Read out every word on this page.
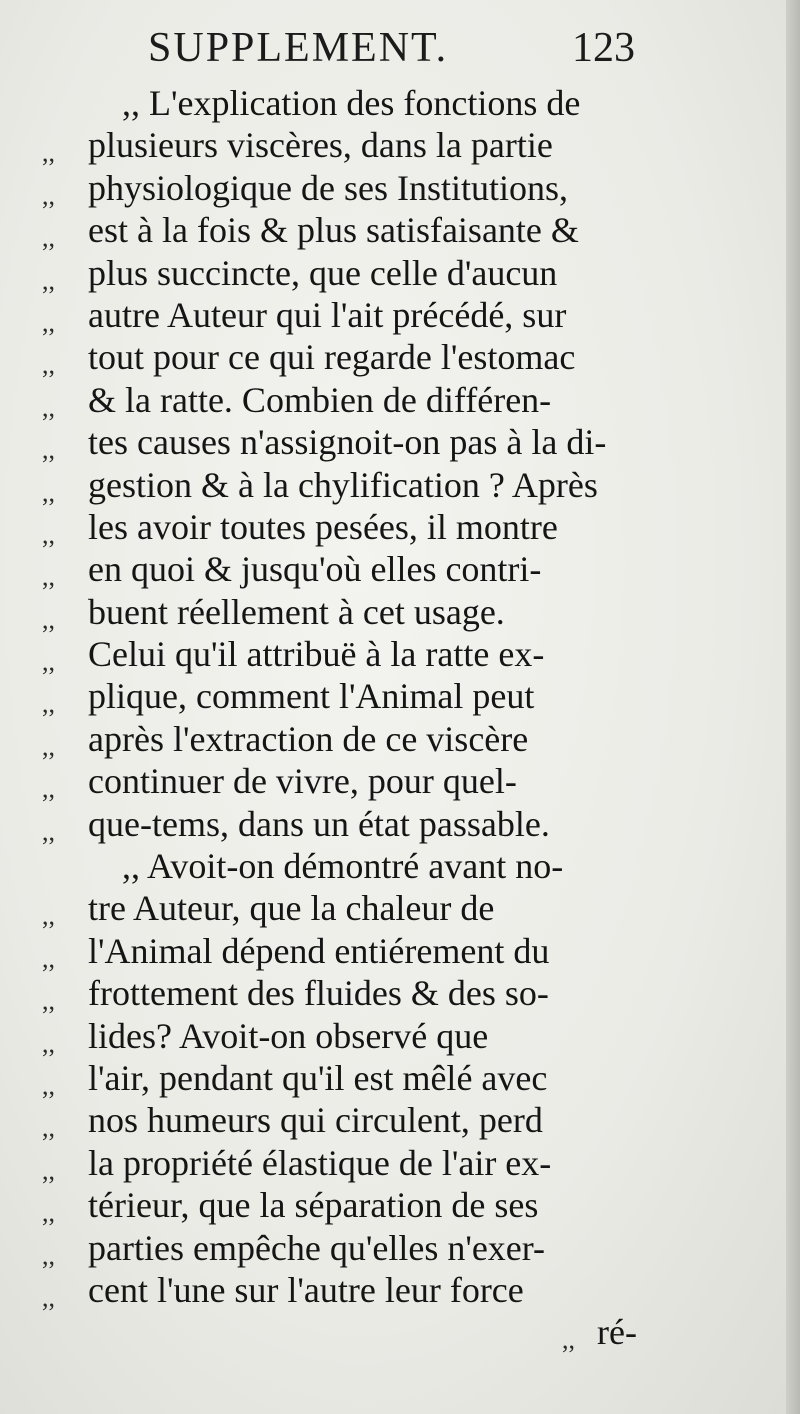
SUPPLEMENT.	123
,, L'explication des fonctions de
,, plusieurs viscères, dans la partie
,, physiologique de ses Institutions,
,, est à la fois & plus satisfaisante &
,, plus succincte, que celle d'aucun
,, autre Auteur qui l'ait précédé, sur
,, tout pour ce qui regarde l'estomac
,, & la ratte. Combien de différen-
,, tes causes n'assignoit-on pas à la di-
,, gestion & à la chylification ? Après
,, les avoir toutes pesées, il montre
,, en quoi & jusqu'où elles contri-
,, buent réellement à cet usage.
,, Celui qu'il attribuë à la ratte ex-
,, plique, comment l'Animal peut
,, après l'extraction de ce viscère
,, continuer de vivre, pour quel-
,, que-tems, dans un état passable.
,, Avoit-on démontré avant no-
,, tre Auteur, que la chaleur de
,, l'Animal dépend entiérement du
,, frottement des fluides & des so-
,, lides? Avoit-on observé que
,, l'air, pendant qu'il est mêlé avec
,, nos humeurs qui circulent, perd
,, la propriété élastique de l'air ex-
,, térieur, que la séparation de ses
,, parties empêche qu'elles n'exer-
,, cent l'une sur l'autre leur force
,, ré-
